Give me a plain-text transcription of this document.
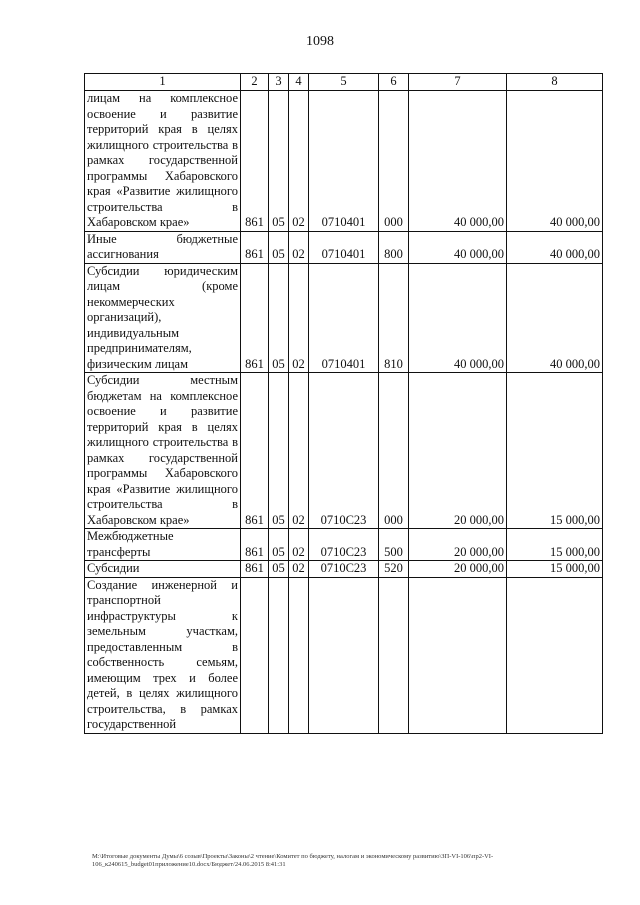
1098
1	2	3	4	5	6	7	8
лицам на комплексное освоение и развитие территорий края в целях жилищного строительства в рамках государственной программы Хабаровского края «Развитие жилищного строительства в Хабаровском крае»	861	05	02	0710401	000	40 000,00	40 000,00
Иные бюджетные ассигнования	861	05	02	0710401	800	40 000,00	40 000,00
Субсидии юридическим лицам (кроме некоммерческих организаций), индивидуальным предпринимателям, физическим лицам	861	05	02	0710401	810	40 000,00	40 000,00
Субсидии местным бюджетам на комплексное освоение и развитие территорий края в целях жилищного строительства в рамках государственной программы Хабаровского края «Развитие жилищного строительства в Хабаровском крае»	861	05	02	0710С23	000	20 000,00	15 000,00
Межбюджетные трансферты	861	05	02	0710С23	500	20 000,00	15 000,00
Субсидии	861	05	02	0710С23	520	20 000,00	15 000,00
Создание инженерной и транспортной инфраструктуры к земельным участкам, предоставленным в собственность семьям, имеющим трех и более детей, в целях жилищного строительства, в рамках государственной							
M:\Итоговые документы Думы\6 созыв\Проекты\Законы\2 чтение\Комитет по бюджету, налогам и экономическому развитию\ЗП-VI-106\пр2-VI-106_к240615_budget01приложение10.docx/Бюджет/24.06.2015 8:41:31
